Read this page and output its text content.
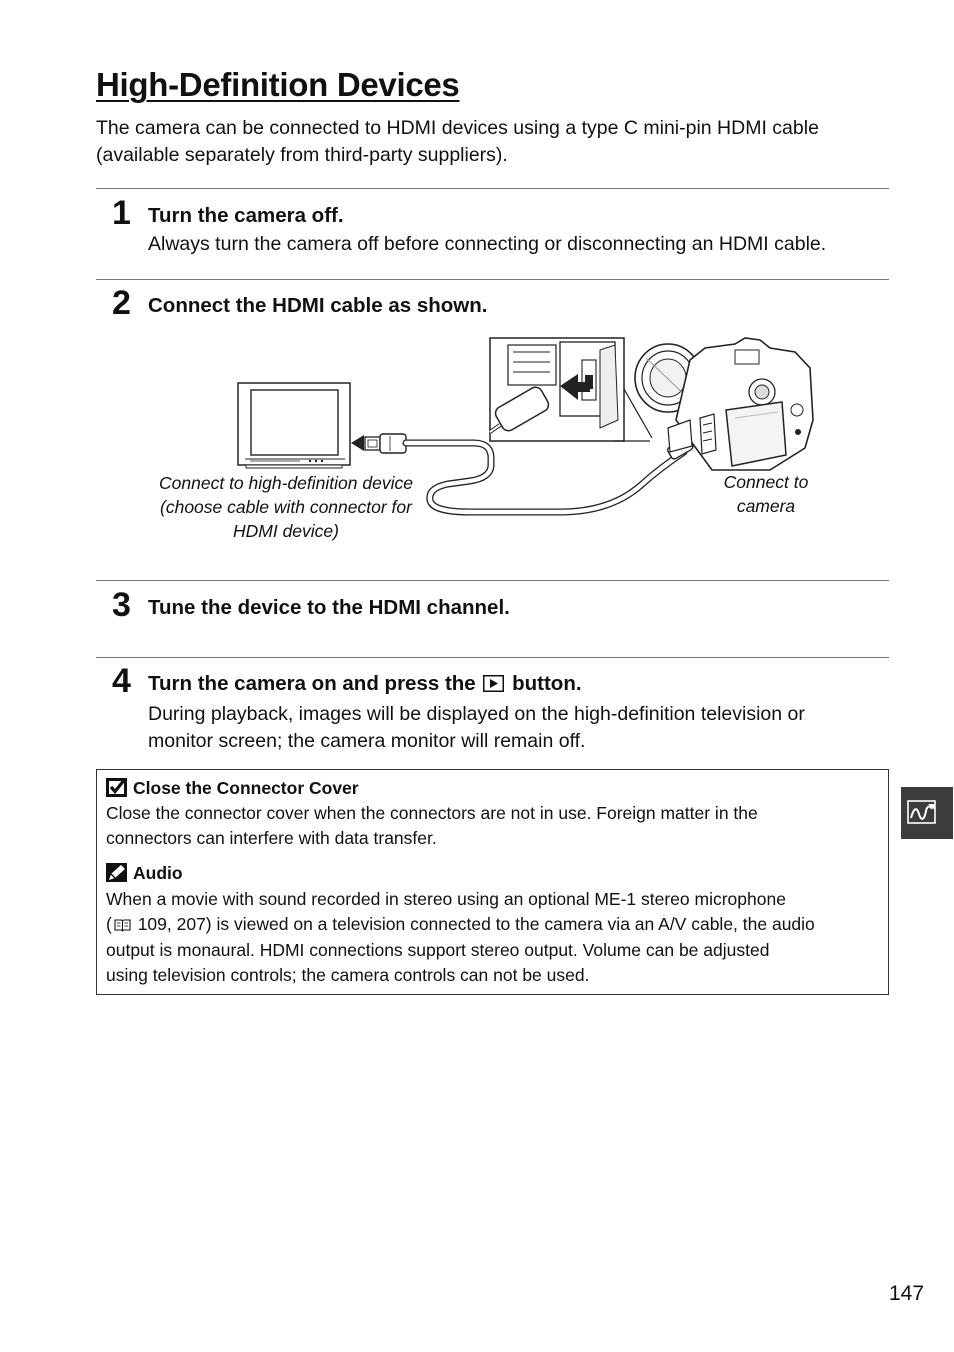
High-Definition Devices
The camera can be connected to HDMI devices using a type C mini-pin HDMI cable
(available separately from third-party suppliers).
1 Turn the camera off.
Always turn the camera off before connecting or disconnecting an HDMI cable.
2 Connect the HDMI cable as shown.
Connect to high-definition device
(choose cable with connector for
HDMI device)
Connect to
camera
3 Tune the device to the HDMI channel.
4 Turn the camera on and press the button.
During playback, images will be displayed on the high-definition television or
monitor screen; the camera monitor will remain off.
Close the Connector Cover
Close the connector cover when the connectors are not in use. Foreign matter in the
connectors can interfere with data transfer.
Audio
When a movie with sound recorded in stereo using an optional ME-1 stereo microphone
( 109, 207) is viewed on a television connected to the camera via an A/V cable, the audio
output is monaural. HDMI connections support stereo output. Volume can be adjusted
using television controls; the camera controls can not be used.
147
